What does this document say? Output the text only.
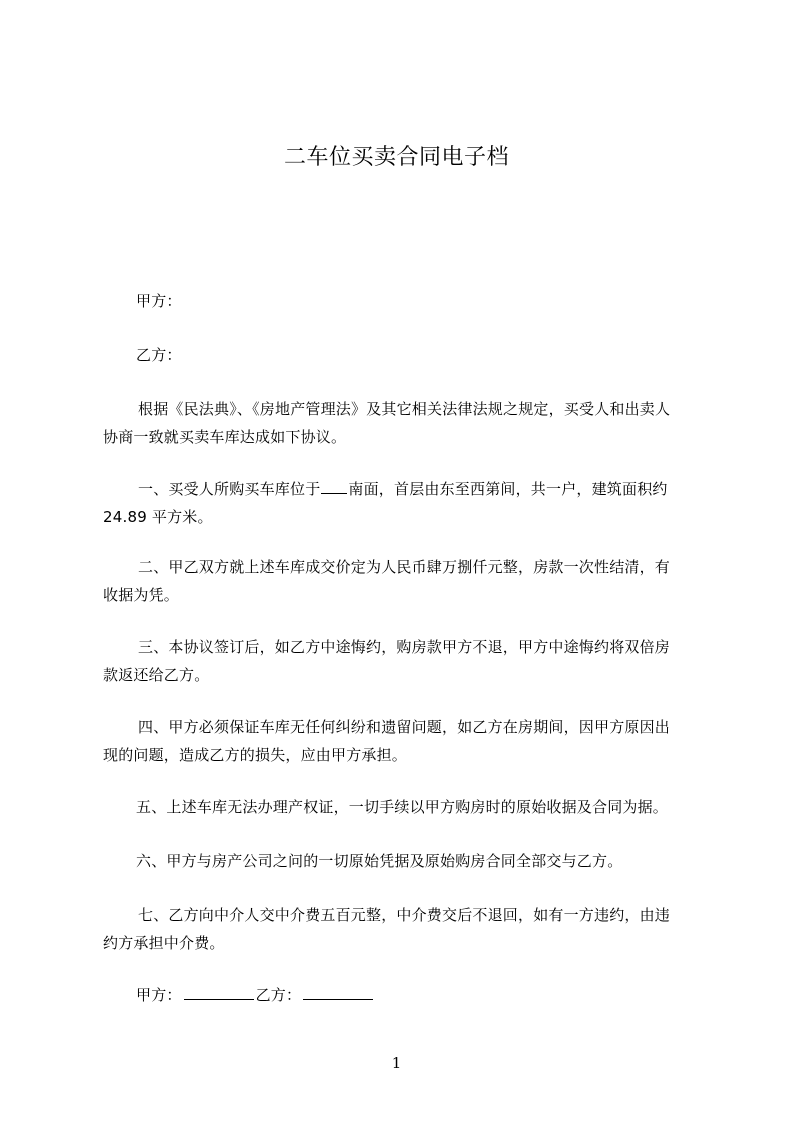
二车位买卖合同电子档
甲方：
乙方：
根据《民法典》、《房地产管理法》及其它相关法律法规之规定，买受人和出卖人
协商一致就买卖车库达成如下协议。
一、买受人所购买车库位于 南面，首层由东至西第间，共一户，建筑面积约
24.89 平方米。
二、甲乙双方就上述车库成交价定为人民币肆万捌仟元整，房款一次性结清，有
收据为凭。
三、本协议签订后，如乙方中途悔约，购房款甲方不退，甲方中途悔约将双倍房
款返还给乙方。
四、甲方必须保证车库无任何纠纷和遗留问题，如乙方在房期间，因甲方原因出
现的问题，造成乙方的损失，应由甲方承担。
五、上述车库无法办理产权证，一切手续以甲方购房时的原始收据及合同为据。
六、甲方与房产公司之问的一切原始凭据及原始购房合同全部交与乙方。
七、乙方向中介人交中介费五百元整，中介费交后不退回，如有一方违约，由违
约方承担中介费。
甲方：	乙方：
1
